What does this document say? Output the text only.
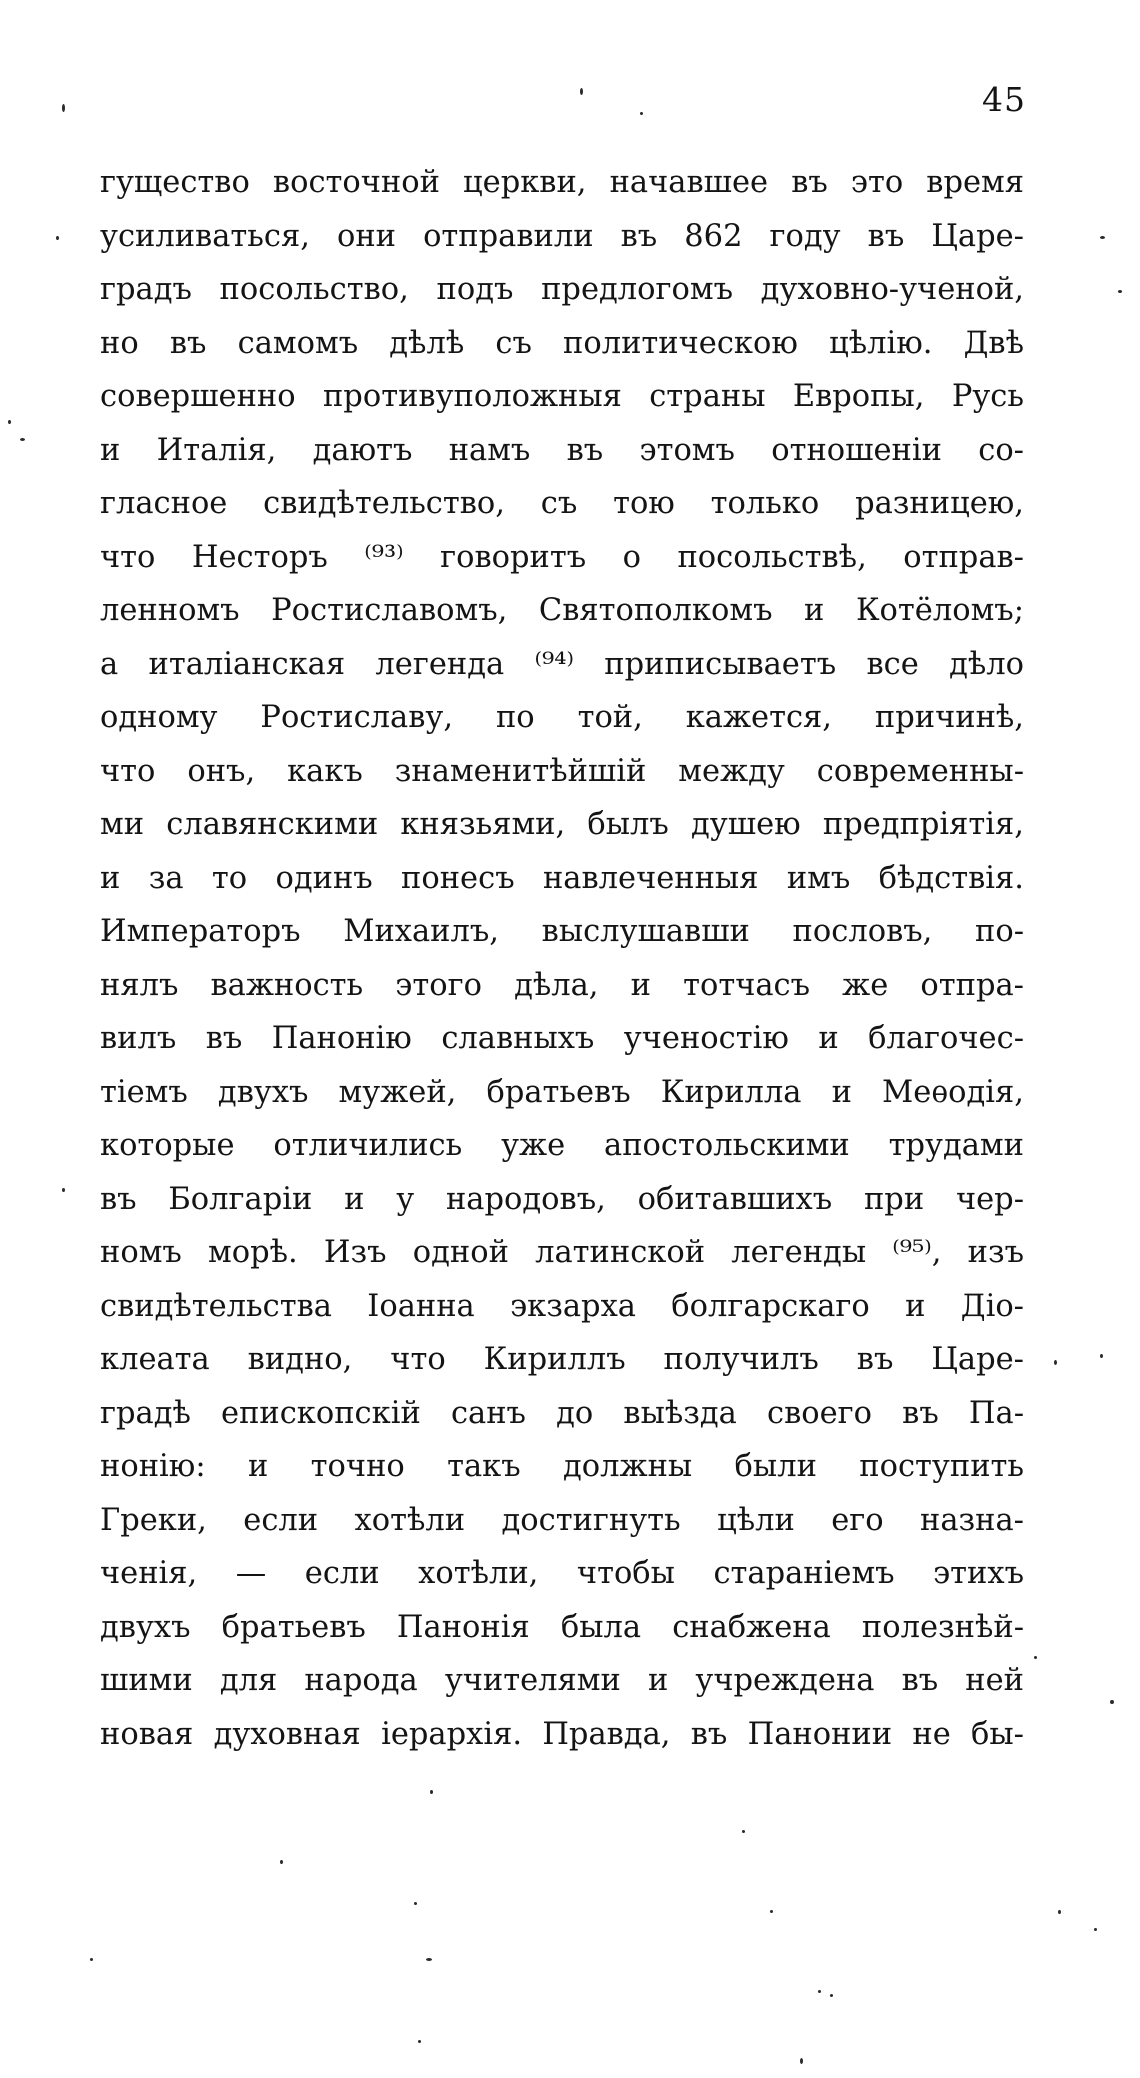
45
гущество восточной церкви, начавшее въ это время
усиливаться, они отправили въ 862 году въ Царе-
градъ посольство, подъ предлогомъ духовно-ученой,
но въ самомъ дѣлѣ съ политическою цѣлію. Двѣ
совершенно противуположныя страны Европы, Русь
и Италія, даютъ намъ въ этомъ отношеніи со-
гласное свидѣтельство, съ тою только разницею,
что Несторъ ⁽⁹³⁾ говоритъ о посольствѣ, отправ-
ленномъ Ростиславомъ, Святополкомъ и Котёломъ;
а италіанская легенда ⁽⁹⁴⁾ приписываетъ все дѣло
одному Ростиславу, по той, кажется, причинѣ,
что онъ, какъ знаменитѣйшій между современны-
ми славянскими князьями, былъ душею предпріятія,
и за то одинъ понесъ навлеченныя имъ бѣдствія.
Императоръ Михаилъ, выслушавши пословъ, по-
нялъ важность этого дѣла, и тотчасъ же отпра-
вилъ въ Панонію славныхъ ученостію и благочес-
тіемъ двухъ мужей, братьевъ Кирилла и Меѳодія,
которые отличились уже апостольскими трудами
въ Болгаріи и у народовъ, обитавшихъ при чер-
номъ морѣ. Изъ одной латинской легенды ⁽⁹⁵⁾, изъ
свидѣтельства Іоанна экзарха болгарскаго и Діо-
клеата видно, что Кириллъ получилъ въ Царе-
градѣ епископскій санъ до выѣзда своего въ Па-
нонію: и точно такъ должны были поступить
Греки, если хотѣли достигнуть цѣли его назна-
ченія, — если хотѣли, чтобы стараніемъ этихъ
двухъ братьевъ Панонія была снабжена полезнѣй-
шими для народа учителями и учреждена въ ней
новая духовная іерархія. Правда, въ Панонии не бы-
